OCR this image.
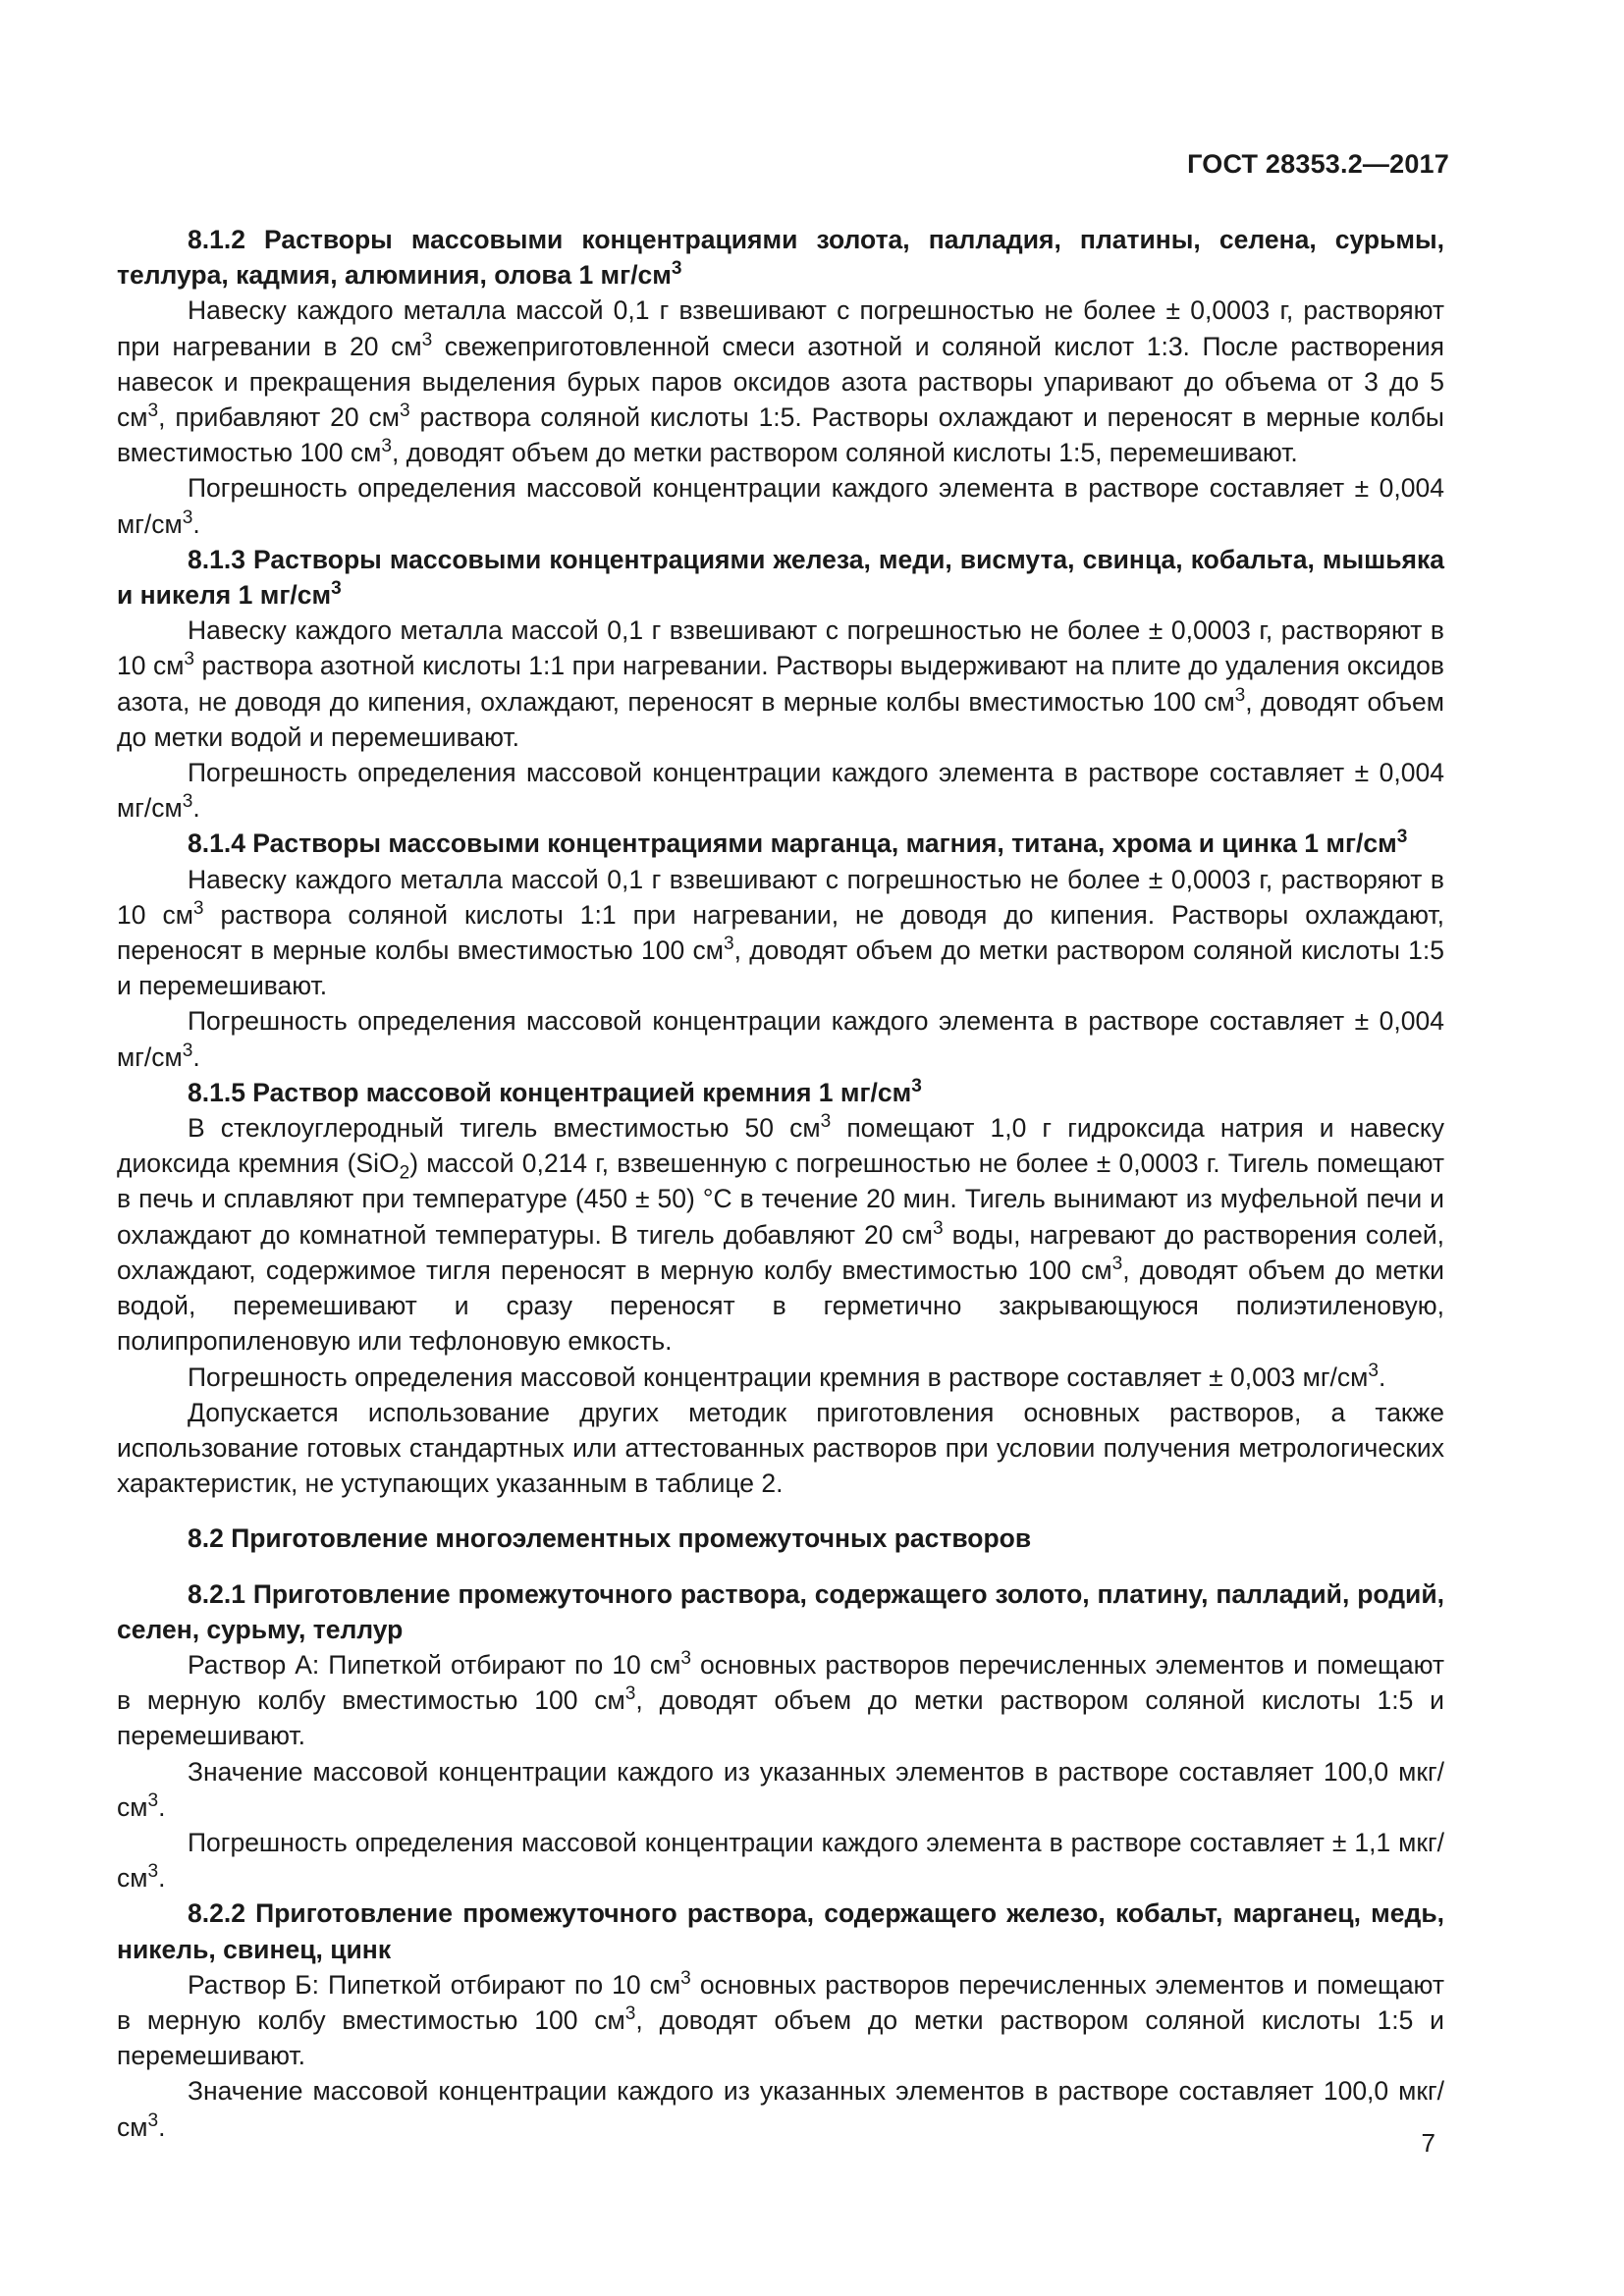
ГОСТ 28353.2—2017

8.1.2 Растворы массовыми концентрациями золота, палладия, платины, селена, сурьмы, теллура, кадмия, алюминия, олова 1 $мг/см^3$

Навеску каждого металла массой 0,1 г взвешивают с погрешностью не более ± 0,0003 г, растворяют при нагревании в 20 $см^3$ свежеприготовленной смеси азотной и соляной кислот 1:3. После растворения навесок и прекращения выделения бурых паров оксидов азота растворы упаривают до объема от 3 до 5 $см^3$, прибавляют 20 $см^3$ раствора соляной кислоты 1:5. Растворы охлаждают и переносят в мерные колбы вместимостью 100 $см^3$, доводят объем до метки раствором соляной кислоты 1:5, перемешивают.

Погрешность определения массовой концентрации каждого элемента в растворе составляет ± 0,004 $мг/см^3$.

8.1.3 Растворы массовыми концентрациями железа, меди, висмута, свинца, кобальта, мышьяка и никеля 1 $мг/см^3$

Навеску каждого металла массой 0,1 г взвешивают с погрешностью не более ± 0,0003 г, растворяют в 10 $см^3$ раствора азотной кислоты 1:1 при нагревании. Растворы выдерживают на плите до удаления оксидов азота, не доводя до кипения, охлаждают, переносят в мерные колбы вместимостью 100 $см^3$, доводят объем до метки водой и перемешивают.

Погрешность определения массовой концентрации каждого элемента в растворе составляет ± 0,004 $мг/см^3$.

8.1.4 Растворы массовыми концентрациями марганца, магния, титана, хрома и цинка 1 $мг/см^3$

Навеску каждого металла массой 0,1 г взвешивают с погрешностью не более ± 0,0003 г, растворяют в 10 $см^3$ раствора соляной кислоты 1:1 при нагревании, не доводя до кипения. Растворы охлаждают, переносят в мерные колбы вместимостью 100 $см^3$, доводят объем до метки раствором соляной кислоты 1:5 и перемешивают.

Погрешность определения массовой концентрации каждого элемента в растворе составляет ± 0,004 $мг/см^3$.

8.1.5 Раствор массовой концентрацией кремния 1 $мг/см^3$

В стеклоуглеродный тигель вместимостью 50 $см^3$ помещают 1,0 г гидроксида натрия и навеску диоксида кремния (SiO$_2$) массой 0,214 г, взвешенную с погрешностью не более ± 0,0003 г. Тигель помещают в печь и сплавляют при температуре (450 ± 50) °С в течение 20 мин. Тигель вынимают из муфельной печи и охлаждают до комнатной температуры. В тигель добавляют 20 $см^3$ воды, нагревают до растворения солей, охлаждают, содержимое тигля переносят в мерную колбу вместимостью 100 $см^3$, доводят объем до метки водой, перемешивают и сразу переносят в герметично закрывающуюся полиэтиленовую, полипропиленовую или тефлоновую емкость.

Погрешность определения массовой концентрации кремния в растворе составляет ± 0,003 $мг/см^3$.

Допускается использование других методик приготовления основных растворов, а также использование готовых стандартных или аттестованных растворов при условии получения метрологических характеристик, не уступающих указанным в таблице 2.

8.2 Приготовление многоэлементных промежуточных растворов

8.2.1 Приготовление промежуточного раствора, содержащего золото, платину, палладий, родий, селен, сурьму, теллур

Раствор А: Пипеткой отбирают по 10 $см^3$ основных растворов перечисленных элементов и помещают в мерную колбу вместимостью 100 $см^3$, доводят объем до метки раствором соляной кислоты 1:5 и перемешивают.

Значение массовой концентрации каждого из указанных элементов в растворе составляет 100,0 мкг/$см^3$.

Погрешность определения массовой концентрации каждого элемента в растворе составляет ± 1,1 мкг/$см^3$.

8.2.2 Приготовление промежуточного раствора, содержащего железо, кобальт, марганец, медь, никель, свинец, цинк

Раствор Б: Пипеткой отбирают по 10 $см^3$ основных растворов перечисленных элементов и помещают в мерную колбу вместимостью 100 $см^3$, доводят объем до метки раствором соляной кислоты 1:5 и перемешивают.

Значение массовой концентрации каждого из указанных элементов в растворе составляет 100,0 мкг/$см^3$.

7
